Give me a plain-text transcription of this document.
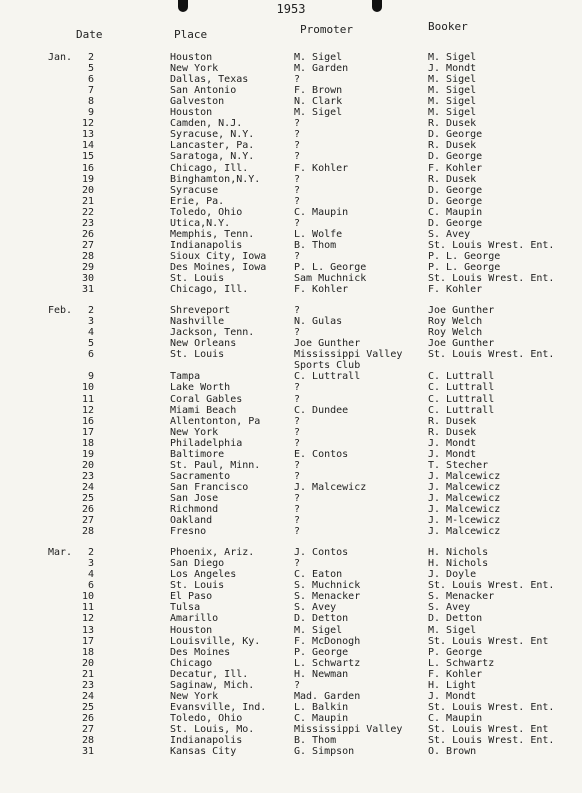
1953
Date	Place	Promoter	Booker
Jan.	2	Houston	M. Sigel	M. Sigel
5	New York	M. Garden	J. Mondt
6	Dallas, Texas	?	M. Sigel
7	San Antonio	F. Brown	M. Sigel
8	Galveston	N. Clark	M. Sigel
9	Houston	M. Sigel	M. Sigel
12	Camden, N.J.	?	R. Dusek
13	Syracuse, N.Y.	?	D. George
14	Lancaster, Pa.	?	R. Dusek
15	Saratoga, N.Y.	?	D. George
16	Chicago, Ill.	F. Kohler	F. Kohler
19	Binghamton,N.Y.	?	R. Dusek
20	Syracuse	?	D. George
21	Erie, Pa.	?	D. George
22	Toledo, Ohio	C. Maupin	C. Maupin
23	Utica,N.Y.	?	D. George
26	Memphis, Tenn.	L. Wolfe	S. Avey
27	Indianapolis	B. Thom	St. Louis Wrest. Ent.
28	Sioux City, Iowa	?	P. L. George
29	Des Moines, Iowa	P. L. George	P. L. George
30	St. Louis	Sam Muchnick	St. Louis Wrest. Ent.
31	Chicago, Ill.	F. Kohler	F. Kohler
Feb.	2	Shreveport	?	Joe Gunther
3	Nashville	N. Gulas	Roy Welch
4	Jackson, Tenn.	?	Roy Welch
5	New Orleans	Joe Gunther	Joe Gunther
6	St. Louis	Mississippi Valley	St. Louis Wrest. Ent.
Sports Club
9	Tampa	C. Luttrall	C. Luttrall
10	Lake Worth	?	C. Luttrall
11	Coral Gables	?	C. Luttrall
12	Miami Beach	C. Dundee	C. Luttrall
16	Allentonton, Pa	?	R. Dusek
17	New York	?	R. Dusek
18	Philadelphia	?	J. Mondt
19	Baltimore	E. Contos	J. Mondt
20	St. Paul, Minn.	?	T. Stecher
23	Sacramento	?	J. Malcewicz
24	San Francisco	J. Malcewicz	J. Malcewicz
25	San Jose	?	J. Malcewicz
26	Richmond	?	J. Malcewicz
27	Oakland	?	J. M-lcewicz
28	Fresno	?	J. Malcewicz
Mar.	2	Phoenix, Ariz.	J. Contos	H. Nichols
3	San Diego	?	H. Nichols
4	Los Angeles	C. Eaton	J. Doyle
6	St. Louis	S. Muchnick	St. Louis Wrest. Ent.
10	El Paso	S. Menacker	S. Menacker
11	Tulsa	S. Avey	S. Avey
12	Amarillo	D. Detton	D. Detton
13	Houston	M. Sigel	M. Sigel
17	Louisville, Ky.	F. McDonogh	St. Louis Wrest. Ent
18	Des Moines	P. George	P. George
20	Chicago	L. Schwartz	L. Schwartz
21	Decatur, Ill.	H. Newman	F. Kohler
23	Saginaw, Mich.	?	H. Light
24	New York	Mad. Garden	J. Mondt
25	Evansville, Ind.	L. Balkin	St. Louis Wrest. Ent.
26	Toledo, Ohio	C. Maupin	C. Maupin
27	St. Louis, Mo.	Mississippi Valley	St. Louis Wrest. Ent
28	Indianapolis	B. Thom	St. Louis Wrest. Ent.
31	Kansas City	G. Simpson	O. Brown
